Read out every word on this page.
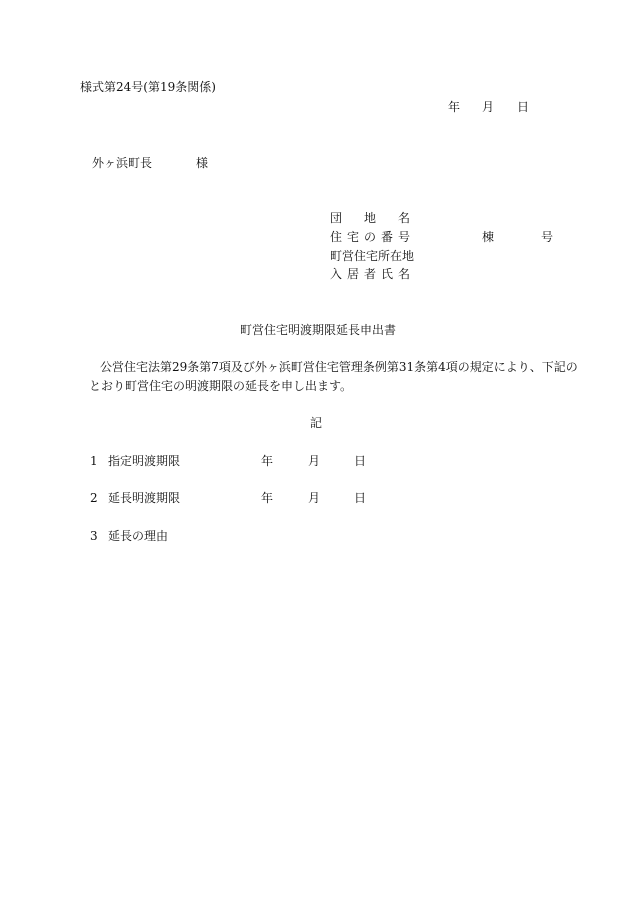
様式第24号(第19条関係)
年 月 日
外ヶ浜町長	様
団 地 名
住 宅 の 番 号	棟	号
町営住宅所在地
入 居 者 氏 名
町営住宅明渡期限延長申出書
公営住宅法第29条第7項及び外ヶ浜町営住宅管理条例第31条第4項の規定により、下記の
とおり町営住宅の明渡期限の延長を申し出ます。
記
1 指定明渡期限	年	月	日
2 延長明渡期限	年	月	日
3 延長の理由
